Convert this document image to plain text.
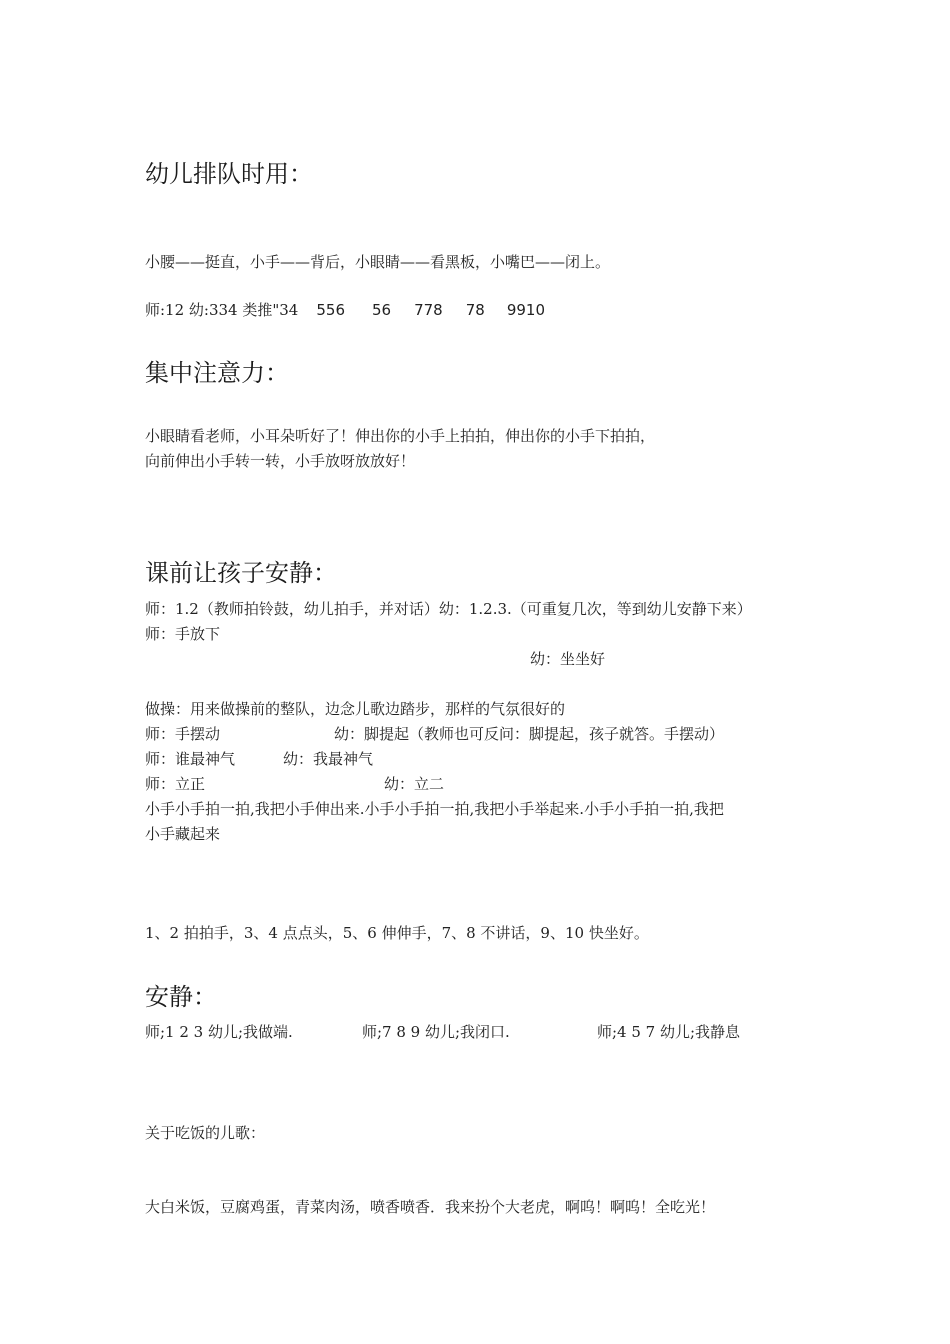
幼儿排队时用：

小腰——挺直，小手——背后，小眼睛——看黑板，小嘴巴——闭上。

师:12 幼:334 类推"34 556 56 778 78 9910

集中注意力：

小眼睛看老师，小耳朵听好了！伸出你的小手上拍拍，伸出你的小手下拍拍，

向前伸出小手转一转，小手放呀放放好！

课前让孩子安静：

师：1.2（教师拍铃鼓，幼儿拍手，并对话）幼：1.2.3.（可重复几次，等到幼儿安静下来）

师：手放下

幼：坐坐好

做操：用来做操前的整队，边念儿歌边踏步，那样的气氛很好的

师：手摆动	幼：脚提起（教师也可反问：脚提起，孩子就答。手摆动）

师：谁最神气	幼：我最神气

师：立正	幼：立二

小手小手拍一拍,我把小手伸出来.小手小手拍一拍,我把小手举起来.小手小手拍一拍,我把

小手藏起来

1、2 拍拍手，3、4 点点头，5、6 伸伸手，7、8 不讲话，9、10 快坐好。

安静：

师;1 2 3 幼儿;我做端.	师;7 8 9 幼儿;我闭口.	师;4 5 7 幼儿;我静息

关于吃饭的儿歌：

大白米饭，豆腐鸡蛋，青菜肉汤，喷香喷香．我来扮个大老虎，啊呜！啊呜！全吃光！
